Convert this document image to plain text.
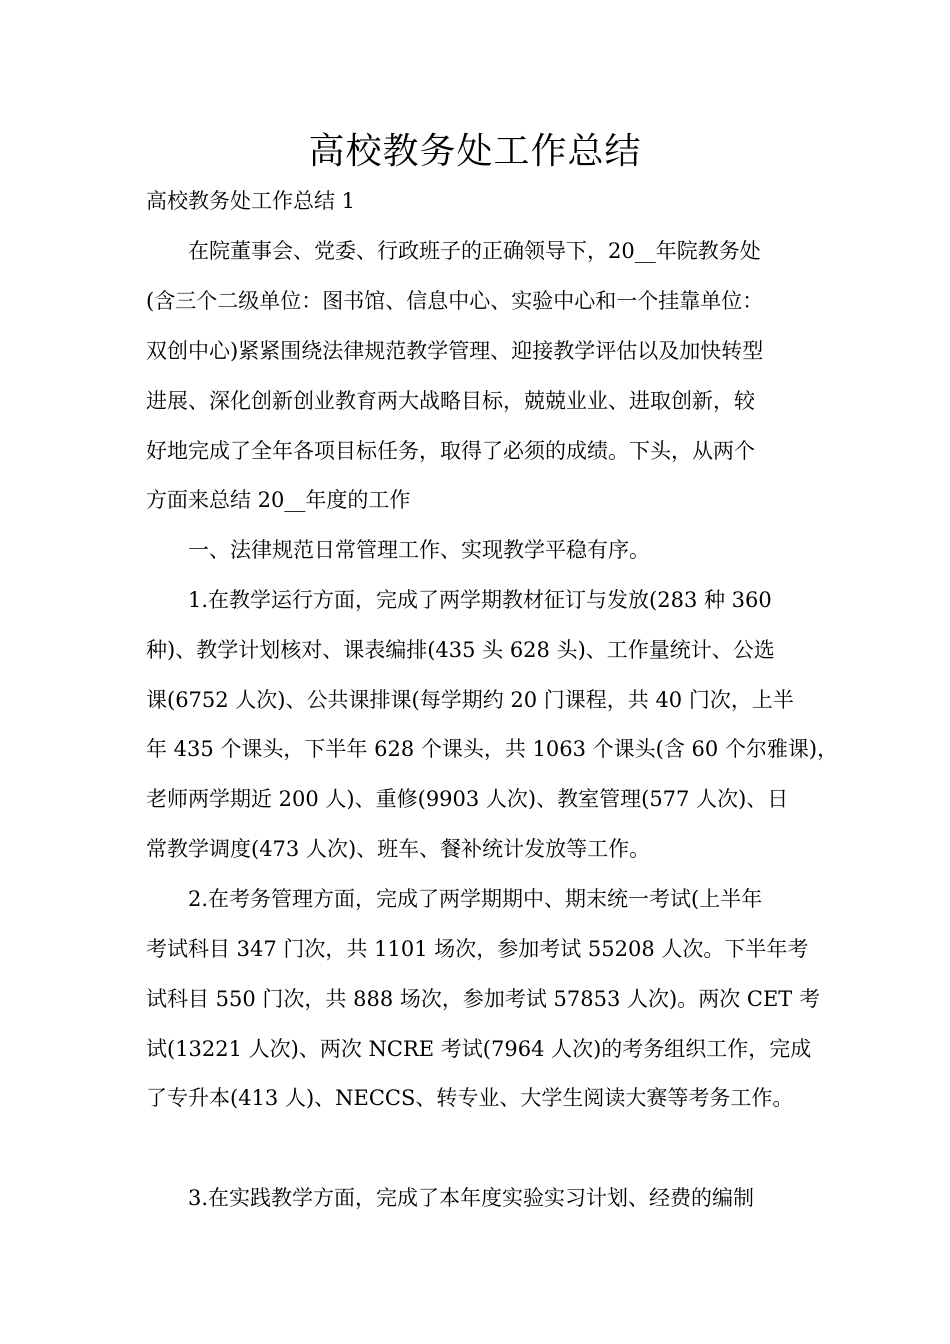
高校教务处工作总结
高校教务处工作总结 1
在院董事会、党委、行政班子的正确领导下，20__年院教务处
(含三个二级单位：图书馆、信息中心、实验中心和一个挂靠单位：
双创中心)紧紧围绕法律规范教学管理、迎接教学评估以及加快转型
进展、深化创新创业教育两大战略目标，兢兢业业、进取创新，较
好地完成了全年各项目标任务，取得了必须的成绩。下头，从两个
方面来总结 20__年度的工作
一、法律规范日常管理工作、实现教学平稳有序。
1.在教学运行方面，完成了两学期教材征订与发放(283 种 360
种)、教学计划核对、课表编排(435 头 628 头)、工作量统计、公选
课(6752 人次)、公共课排课(每学期约 20 门课程，共 40 门次，上半
年 435 个课头，下半年 628 个课头，共 1063 个课头(含 60 个尔雅课)，
老师两学期近 200 人)、重修(9903 人次)、教室管理(577 人次)、日
常教学调度(473 人次)、班车、餐补统计发放等工作。
2.在考务管理方面，完成了两学期期中、期末统一考试(上半年
考试科目 347 门次，共 1101 场次，参加考试 55208 人次。下半年考
试科目 550 门次，共 888 场次，参加考试 57853 人次)。两次 CET 考
试(13221 人次)、两次 NCRE 考试(7964 人次)的考务组织工作，完成
了专升本(413 人)、NECCS、转专业、大学生阅读大赛等考务工作。
3.在实践教学方面，完成了本年度实验实习计划、经费的编制
